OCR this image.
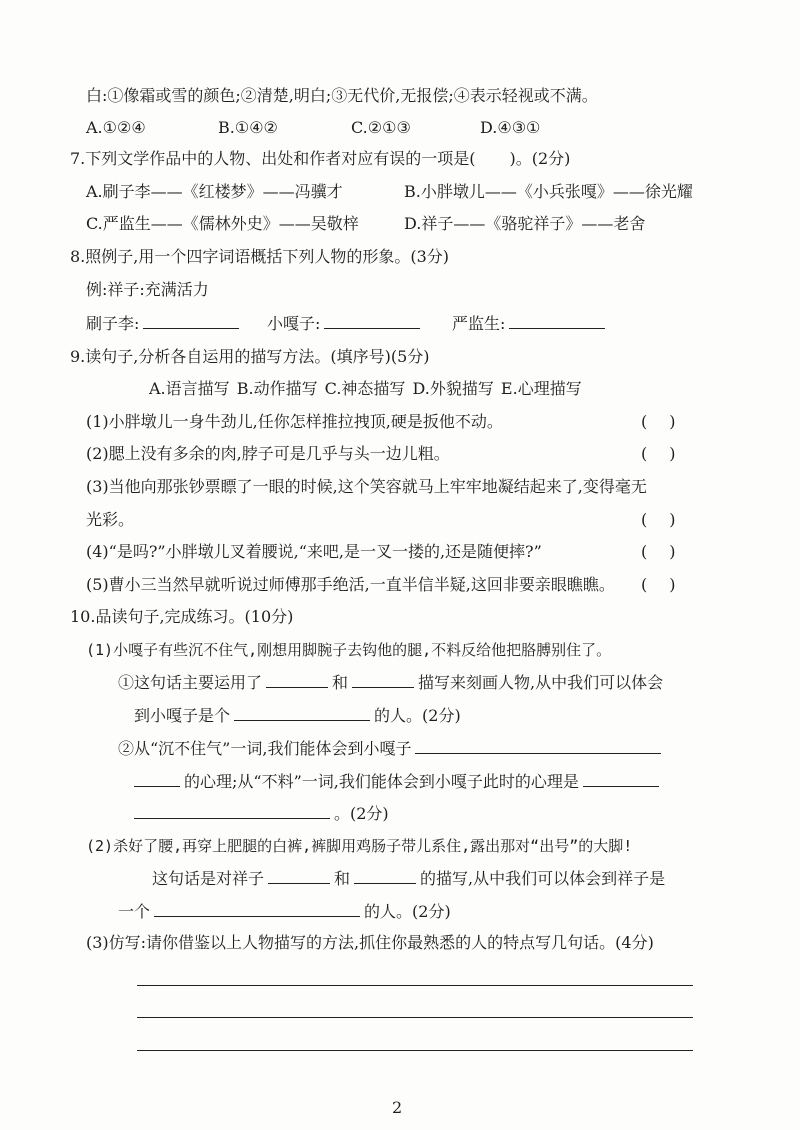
白:①像霜或雪的颜色;②清楚,明白;③无代价,无报偿;④表示轻视或不满。
A.①②④	B.①④②	C.②①③	D.④③①
7.下列文学作品中的人物、出处和作者对应有误的一项是( )。(2分)
A.刷子李——《红楼梦》——冯骥才	B.小胖墩儿——《小兵张嘎》——徐光耀
C.严监生——《儒林外史》——吴敬梓	D.祥子——《骆驼祥子》——老舍
8.照例子,用一个四字词语概括下列人物的形象。(3分)
例:祥子:充满活力
刷子李:	小嘎子:	严监生:
9.读句子,分析各自运用的描写方法。(填序号)(5分)
A.语言描写 B.动作描写 C.神态描写 D.外貌描写 E.心理描写
(1)小胖墩儿一身牛劲儿,任你怎样推拉拽顶,硬是扳他不动。	()
(2)腮上没有多余的肉,脖子可是几乎与头一边儿粗。	()
(3)当他向那张钞票瞟了一眼的时候,这个笑容就马上牢牢地凝结起来了,变得毫无
光彩。	()
(4)“是吗?”小胖墩儿叉着腰说,“来吧,是一叉一搂的,还是随便摔?”	()
(5)曹小三当然早就听说过师傅那手绝活,一直半信半疑,这回非要亲眼瞧瞧。 ()
10.品读句子,完成练习。(10分)
(1)小嘎子有些沉不住气,刚想用脚腕子去钩他的腿,不料反给他把胳膊别住了。
①这句话主要运用了	和	描写来刻画人物,从中我们可以体会
到小嘎子是个	的人。(2分)
②从“沉不住气”一词,我们能体会到小嘎子
的心理;从“不料”一词,我们能体会到小嘎子此时的心理是
。(2分)
(2)杀好了腰,再穿上肥腿的白裤,裤脚用鸡肠子带儿系住,露出那对“出号”的大脚!
这句话是对祥子	和	的描写,从中我们可以体会到祥子是
一个	的人。(2分)
(3)仿写:请你借鉴以上人物描写的方法,抓住你最熟悉的人的特点写几句话。(4分)
2
